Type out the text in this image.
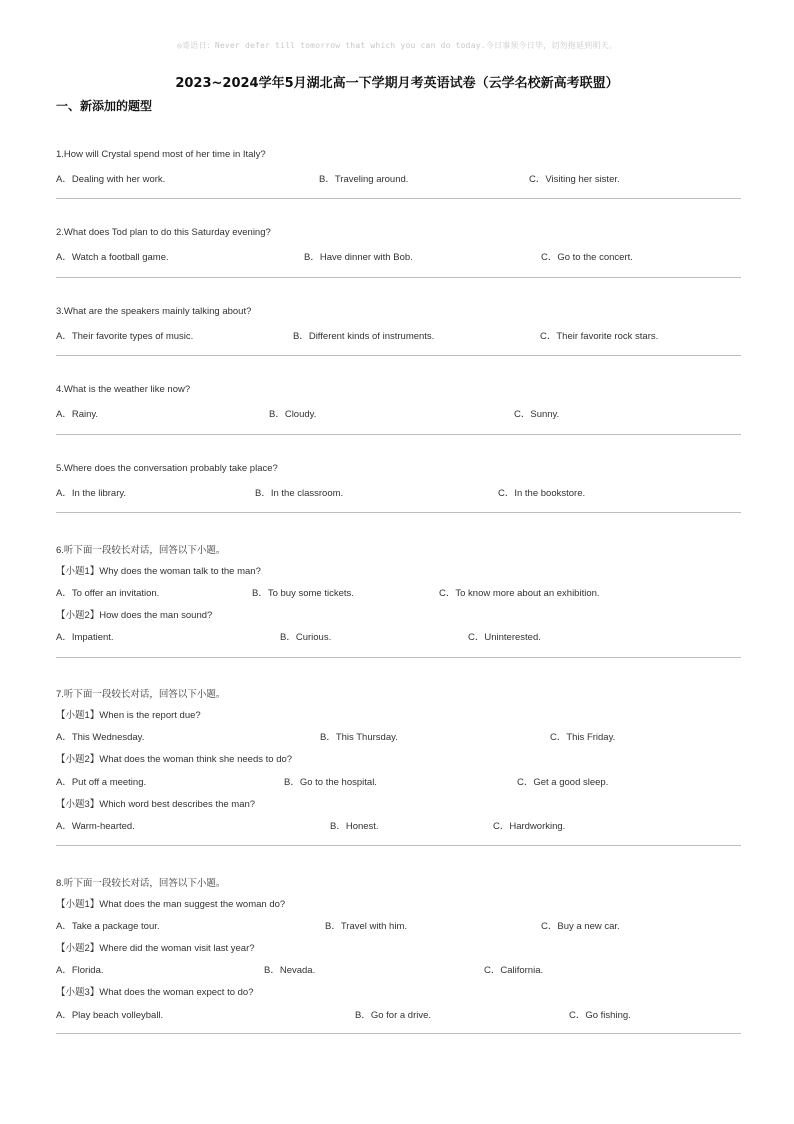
◎寄语日：Never defer till tomorrow that which you can do today.今日事须今日毕，切勿拖延到明天。
2023~2024学年5月湖北高一下学期月考英语试卷（云学名校新高考联盟）
一、新添加的题型
1.How will Crystal spend most of her time in Italy?
A．Dealing with her work.	B．Traveling around.	C．Visiting her sister.
2.What does Tod plan to do this Saturday evening?
A．Watch a football game.	B．Have dinner with Bob.	C．Go to the concert.
3.What are the speakers mainly talking about?
A．Their favorite types of music.	B．Different kinds of instruments.	C．Their favorite rock stars.
4.What is the weather like now?
A．Rainy.	B．Cloudy.	C．Sunny.
5.Where does the conversation probably take place?
A．In the library.	B．In the classroom.	C．In the bookstore.
6.听下面一段较长对话，回答以下小题。
【小题1】Why does the woman talk to the man?
A．To offer an invitation.	B．To buy some tickets.	C．To know more about an exhibition.
【小题2】How does the man sound?
A．Impatient.	B．Curious.	C．Uninterested.
7.听下面一段较长对话，回答以下小题。
【小题1】When is the report due?
A．This Wednesday.	B．This Thursday.	C．This Friday.
【小题2】What does the woman think she needs to do?
A．Put off a meeting.	B．Go to the hospital.	C．Get a good sleep.
【小题3】Which word best describes the man?
A．Warm-hearted.	B．Honest.	C．Hardworking.
8.听下面一段较长对话，回答以下小题。
【小题1】What does the man suggest the woman do?
A．Take a package tour.	B．Travel with him.	C．Buy a new car.
【小题2】Where did the woman visit last year?
A．Florida.	B．Nevada.	C．California.
【小题3】What does the woman expect to do?
A．Play beach volleyball.	B．Go for a drive.	C．Go fishing.
